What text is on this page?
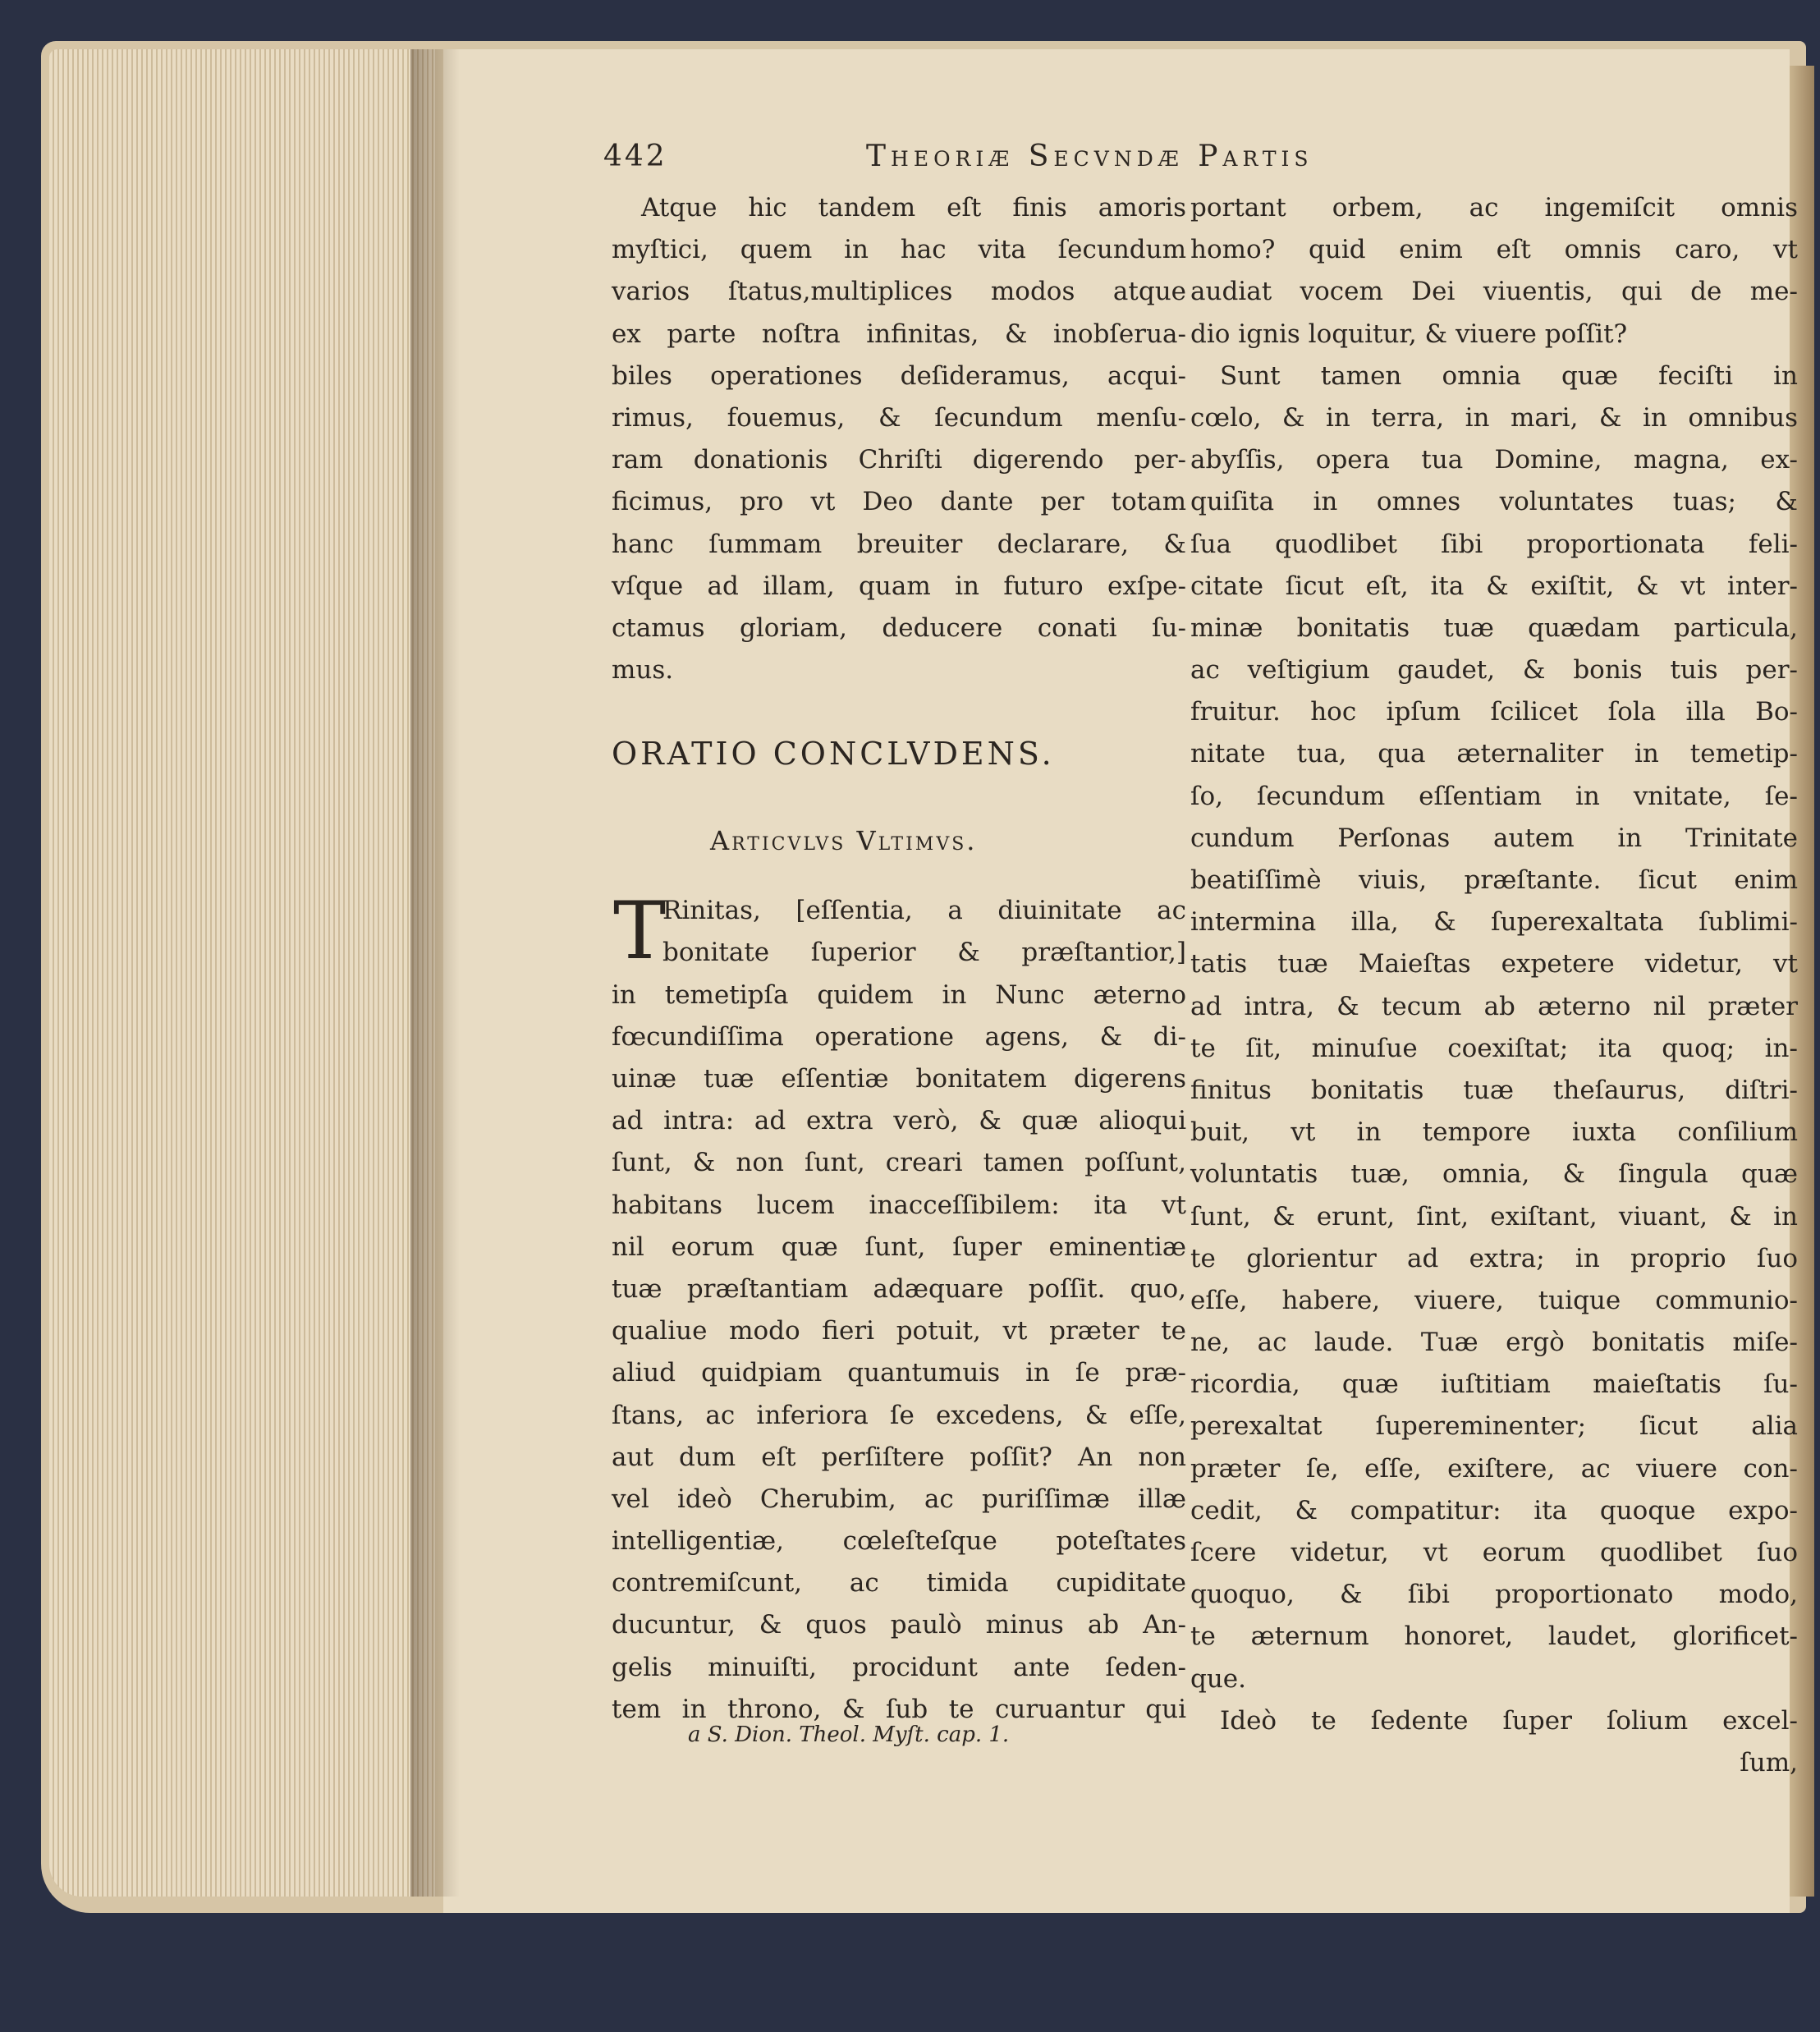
442	Theoriæ Secvndæ Partis
Atque hic tandem eſt finis amoris
myſtici, quem in hac vita ſecundum
varios ſtatus,multiplices modos atque
ex parte noſtra infinitas, & inobſerua-
biles operationes deſideramus, acqui-
rimus, fouemus, & ſecundum menſu-
ram donationis Chriſti digerendo per-
ficimus, pro vt Deo dante per totam
hanc ſummam breuiter declarare, &
vſque ad illam, quam in futuro exſpe-
ctamus gloriam, deducere conati ſu-
mus.
ORATIO CONCLVDENS.
Articvlvs Vltimvs.
T
Rinitas, [eſſentia, a diuinitate ac
bonitate ſuperior & præſtantior,]
in temetipſa quidem in Nunc æterno
fœcundiſſima operatione agens, & di-
uinæ tuæ eſſentiæ bonitatem digerens
ad intra: ad extra verò, & quæ alioqui
ſunt, & non ſunt, creari tamen poſſunt,
habitans lucem inacceſſibilem: ita vt
nil eorum quæ ſunt, ſuper eminentiæ
tuæ præſtantiam adæquare poſſit. quo,
qualiue modo fieri potuit, vt præter te
aliud quidpiam quantumuis in ſe præ-
ſtans, ac inferiora ſe excedens, & eſſe,
aut dum eſt perſiſtere poſſit? An non
vel ideò Cherubim, ac puriſſimæ illæ
intelligentiæ, cœleſteſque poteſtates
contremiſcunt, ac timida cupiditate
ducuntur, & quos paulò minus ab An-
gelis minuiſti, procidunt ante ſeden-
tem in throno, & ſub te curuantur qui
portant orbem, ac ingemiſcit omnis
homo? quid enim eſt omnis caro, vt
audiat vocem Dei viuentis, qui de me-
dio ignis loquitur, & viuere poſſit?
Sunt tamen omnia quæ feciſti in
cœlo, & in terra, in mari, & in omnibus
abyſſis, opera tua Domine, magna, ex-
quiſita in omnes voluntates tuas; &
ſua quodlibet ſibi proportionata feli-
citate ſicut eſt, ita & exiſtit, & vt inter-
minæ bonitatis tuæ quædam particula,
ac veſtigium gaudet, & bonis tuis per-
fruitur. hoc ipſum ſcilicet ſola illa Bo-
nitate tua, qua æternaliter in temetip-
ſo, ſecundum eſſentiam in vnitate, ſe-
cundum Perſonas autem in Trinitate
beatiſſimè viuis, præſtante. ſicut enim
intermina illa, & ſuperexaltata ſublimi-
tatis tuæ Maieſtas expetere videtur, vt
ad intra, & tecum ab æterno nil præter
te ſit, minuſue coexiſtat; ita quoq; in-
finitus bonitatis tuæ theſaurus, diſtri-
buit, vt in tempore iuxta conſilium
voluntatis tuæ, omnia, & ſingula quæ
ſunt, & erunt, ſint, exiſtant, viuant, & in
te glorientur ad extra; in proprio ſuo
eſſe, habere, viuere, tuique communio-
ne, ac laude. Tuæ ergò bonitatis miſe-
ricordia, quæ iuſtitiam maieſtatis ſu-
perexaltat ſupereminenter; ſicut alia
præter ſe, eſſe, exiſtere, ac viuere con-
cedit, & compatitur: ita quoque expo-
ſcere videtur, vt eorum quodlibet ſuo
quoquo, & ſibi proportionato modo,
te æternum honoret, laudet, glorificet-
que.
Ideò te ſedente ſuper ſolium excel-
ſum,
a S. Dion. Theol. Myſt. cap. 1.
